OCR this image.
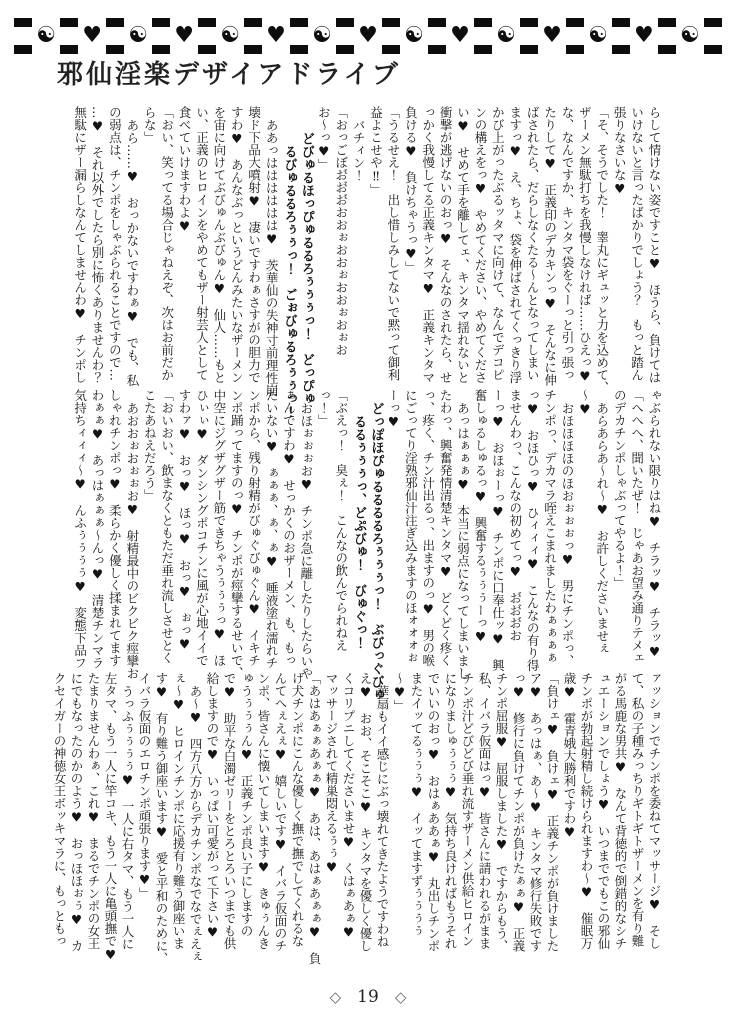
☯ ♥ ☯ ♥ ☯ ♥ ☯ ♥ ☯ ♥ ☯ ♥ ☯ ♥ ☯
邪仙淫楽デザイアドライブ

らして情けない姿ですこと♥　ほうら、負けては

いけないと言ったばかりでしょう？　もっと踏ん

張りなさいな♥

「そ、そうでした！　睾丸にギュッと力を込めて、

ザーメン無駄打ちを我慢しなければ……ひえっ♥

な、なんですか、キンタマ袋をぐーっと引っ張っ

たりして♥　正義印のデカキンっ♥　そんなに伸

ばされたら、だらしなくたる〜んとなってしまい

ますっ♥　え、ちょ、袋を伸ばされてくっきり浮

かび上がったぶるッタマに向けて、なんでデコピ

ンの構えをっ♥　やめてください、やめてくださ

い♥　せめて手を離してェ、キンタマ揺れないと

衝撃が逃げないのおっ♥　そんなのされたら、せ

っかく我慢してる正義キンタマ♥　正義キンタマ

負ける♥　負けちゃうっ♥」

「うるせえ！　出し惜しみしてないで黙って御利

益よこせや‼」

バチィン！

「おっごぼお゙お゙お゙おおぉおおぉおおぉおぉお

お〜っ♥」

どびゅるほっぴゅるるろぅぅぅっ！　どっぴゅ

るびゅるるろぅぅっ！　ごぉびゅるろぅぅっ！

ああっはははははは♥　茨華仙の失神寸前理性崩

壊ド下品大噴射♥　凄いですわぁさすがの胆力で

すわ♥　あんなぶっというどんみたいなザーメン

を宙に向けてぶびゅんぶびゅん♥　仙人……もと

い、正義のヒロインをやめてもザー射芸人として

食べていけますわよ♥

「おい、笑ってる場合じゃねえぞ、次はお前だか

らな」

あら……♥　おっかないですわぁ♥　でも、私

の弱点は、チンポをしゃぶられることですので…

…♥　それ以外でしたら別に怖くありませんわ？

無駄にザー漏らしなんてしませんわ♥　チンポし

ゃぶられない限りはね♥　チラッ♥　チラッ♥

「へへへ、聞いたぜ！　じゃあお望み通りテメェ

のデカチンポしゃぶってやるよ！」

あらあらあ〜れ〜♥　お許しくださいませぇ

〜♥

おほほほほのほおぉぉぉっ♥　男にチンポっ、

チンポっ、デカマラ咥えこまれましたわぁぁぁぁ

っ♥　おほひっ♥　ひィィィ♥　こんなの有り得

ませんわっ、こんなの初めてっ♥　お゙お゙お゙お

ーっ♥　おほぉーっ♥　チンポに口奉仕ッ♥　興

奮しゅるしゅるっ♥　興奮するぅぅぅーっ♥

あっはぁぁぁ♥　本当に弱点になってしまいまし

たわっ、興奮発情清楚キンタマ♥　どくどく疼く

っ、疼く、チン汁出るっ、出ますのっ♥　男の喉

にごってり淫熟邪仙汁注ぎ込みますのほォォォぉ

ーっ♥

どっぽほぴゅるるるるろぅぅぅっ！　ぶびっぐびゅ

るるぅぅぅっ、どぷびゅ！　びゅぐっ！

「ぶえっ！　臭ぇ！　こんなの飲んでられねえ

っ！」

おほぉぉぉお♥　チンポ急に離したりしたらいや

ぁんですわ♥　せっかくのおザーメン、も、もっ

たいない♥　ぁぁぁ、ぁ、ぁ♥　唾液塗れ濡れチ

ンポから、残り射精がびゅぐびゅぐん♥　イキチ

ンポ踊ってますのっ♥　チンポが痙攣するせいで、

中空にジグザグザー筋できちゃうぅぅぅっ♥　ほ

ひぃぃ♥　ダンシングポコチンに風が心地イイで

すわァ♥　おっ♥　ほっ♥　おっ♥　ぉっ♥

「おいおい、飲まなくともただ垂れ流しさせとく

こたあねえだろう」

あおおぉおぉぉお♥　射精最中のビクビク痙攣お

しゃれチンポっ♥　柔らかく優しく揉まれてます

わぁぁ♥　あっはぁぁぁ〜んっ♥　清楚チンマラ

気持ちィィィ〜♥　んふぅぅぅぅ♥　変態下品フ

ァッションでチンポを委ねてマッサージ♥　そし

て、私の子種みっちりギトギトザーメンを有り難

がる馬鹿な男共♥　なんて背徳的で倒錯的なシチ

ュエーションでしょう♥　いつまででもこの邪仙

チンポが勃起射精し続けられますわ〜♥　催眠万

歳♥　霍青娥大勝利ですわ♥

「負けェ♥　負けェ♥　正義チンポが負けました

ア♥　あっはぁ、あ〜♥　キンタマ修行失敗です

っ♥　修行に負けてチンポが負けたぁぁ♥　正義

チンポ屈服♥　屈服しました♥　ですからもう、

私、イバラ仮面はっ♥　皆さんに請われるがまま

チンポ汁どびどび垂れ流すザーメン供給ヒロイン

になりましゅぅぅぅ♥　気持ち良ければもうそれ

でいいのおっ♥　おはぁああぁ♥　丸出しチンポ

またイッてるぅぅぅ♥　イッてますずぅぅぅぅ

〜♥」

華扇もイイ感じにぶっ壊れてきたようですわね

え♥　おお、そこそこ♥　キンタマを優しく優し

くコリプニしてくださいませ♥　くはぁあぁ♥

マッサージされて精巣悶えるぅぅ♥

「あはあぁぁあぁぁ♥　あは、あはぁあぁぁ♥　負

け犬チンポにこんな優しく撫で撫でしてくれるな

んてへぇえぇ♥　嬉しいです♥　イバラ仮面のチ

ンポ、皆さんに懐いてしまいます♥　きゅぅんき

ゅうぅぅぅん♥　正義チンポ良い子にしますの

で♥　助平な白濁ゼリーをとろとろいつまでも供

給しますので♥　いっぱい可愛がって下さい♥

あ〜♥　四方八方からデカチンポなでなでぇえぇ

ぇ〜♥　ヒロインチンポに応援有り難う御座いま

す♥　有り難う御座います♥　愛と平和のために、

イバラ仮面のエロチンポ頑張ります♥」

うっふぅぅぅぅ♥　一人に右タマ、もう一人に

左タマ、もう一人に竿コキ、もう一人に亀頭撫で♥

たまりませんわぁ、これ♥　まるでチンポの女王

にでもなったのかのよう♥　おっほほぉぅ♥　カ

クセイガーの神徳女王ボッキマラに、もっともっ

◇ 19 ◇
